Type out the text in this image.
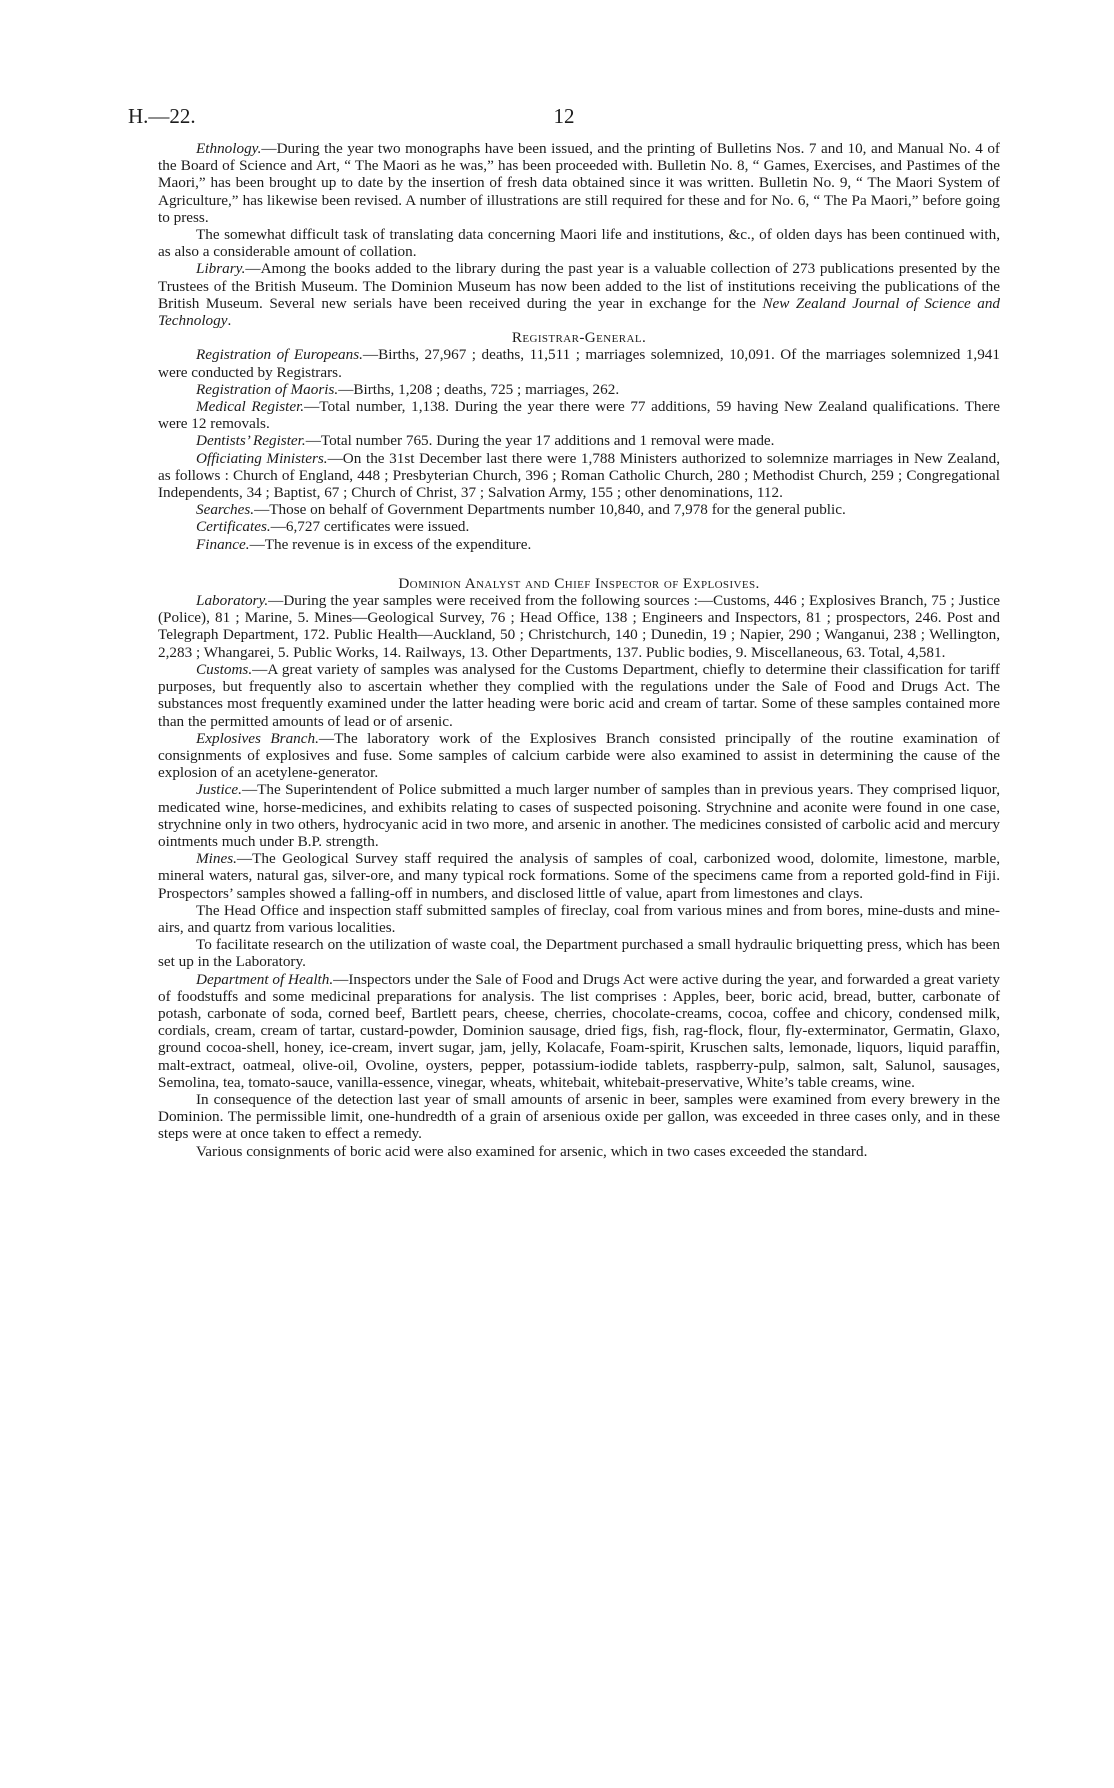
H.—22.	12

Ethnology.—During the year two monographs have been issued, and the printing of Bulletins Nos. 7 and 10, and Manual No. 4 of the Board of Science and Art, “ The Maori as he was,” has been proceeded with. Bulletin No. 8, “ Games, Exercises, and Pastimes of the Maori,” has been brought up to date by the insertion of fresh data obtained since it was written. Bulletin No. 9, “ The Maori System of Agriculture,” has likewise been revised. A number of illustrations are still required for these and for No. 6, “ The Pa Maori,” before going to press.

The somewhat difficult task of translating data concerning Maori life and institutions, &c., of olden days has been continued with, as also a considerable amount of collation.

Library.—Among the books added to the library during the past year is a valuable collection of 273 publications presented by the Trustees of the British Museum. The Dominion Museum has now been added to the list of institutions receiving the publications of the British Museum. Several new serials have been received during the year in exchange for the New Zealand Journal of Science and Technology.

Registrar-General.

Registration of Europeans.—Births, 27,967 ; deaths, 11,511 ; marriages solemnized, 10,091. Of the marriages solemnized 1,941 were conducted by Registrars.

Registration of Maoris.—Births, 1,208 ; deaths, 725 ; marriages, 262.

Medical Register.—Total number, 1,138. During the year there were 77 additions, 59 having New Zealand qualifications. There were 12 removals.

Dentists’ Register.—Total number 765. During the year 17 additions and 1 removal were made.

Officiating Ministers.—On the 31st December last there were 1,788 Ministers authorized to solemnize marriages in New Zealand, as follows : Church of England, 448 ; Presbyterian Church, 396 ; Roman Catholic Church, 280 ; Methodist Church, 259 ; Congregational Independents, 34 ; Baptist, 67 ; Church of Christ, 37 ; Salvation Army, 155 ; other denominations, 112.

Searches.—Those on behalf of Government Departments number 10,840, and 7,978 for the general public.

Certificates.—6,727 certificates were issued.

Finance.—The revenue is in excess of the expenditure.

Dominion Analyst and Chief Inspector of Explosives.

Laboratory.—During the year samples were received from the following sources :—Customs, 446 ; Explosives Branch, 75 ; Justice (Police), 81 ; Marine, 5. Mines—Geological Survey, 76 ; Head Office, 138 ; Engineers and Inspectors, 81 ; prospectors, 246. Post and Telegraph Department, 172. Public Health—Auckland, 50 ; Christchurch, 140 ; Dunedin, 19 ; Napier, 290 ; Wanganui, 238 ; Wellington, 2,283 ; Whangarei, 5. Public Works, 14. Railways, 13. Other Departments, 137. Public bodies, 9. Miscellaneous, 63. Total, 4,581.

Customs.—A great variety of samples was analysed for the Customs Department, chiefly to determine their classification for tariff purposes, but frequently also to ascertain whether they complied with the regulations under the Sale of Food and Drugs Act. The substances most frequently examined under the latter heading were boric acid and cream of tartar. Some of these samples contained more than the permitted amounts of lead or of arsenic.

Explosives Branch.—The laboratory work of the Explosives Branch consisted principally of the routine examination of consignments of explosives and fuse. Some samples of calcium carbide were also examined to assist in determining the cause of the explosion of an acetylene-generator.

Justice.—The Superintendent of Police submitted a much larger number of samples than in previous years. They comprised liquor, medicated wine, horse-medicines, and exhibits relating to cases of suspected poisoning. Strychnine and aconite were found in one case, strychnine only in two others, hydrocyanic acid in two more, and arsenic in another. The medicines consisted of carbolic acid and mercury ointments much under B.P. strength.

Mines.—The Geological Survey staff required the analysis of samples of coal, carbonized wood, dolomite, limestone, marble, mineral waters, natural gas, silver-ore, and many typical rock formations. Some of the specimens came from a reported gold-find in Fiji. Prospectors’ samples showed a falling-off in numbers, and disclosed little of value, apart from limestones and clays.

The Head Office and inspection staff submitted samples of fireclay, coal from various mines and from bores, mine-dusts and mine-airs, and quartz from various localities.

To facilitate research on the utilization of waste coal, the Department purchased a small hydraulic briquetting press, which has been set up in the Laboratory.

Department of Health.—Inspectors under the Sale of Food and Drugs Act were active during the year, and forwarded a great variety of foodstuffs and some medicinal preparations for analysis. The list comprises : Apples, beer, boric acid, bread, butter, carbonate of potash, carbonate of soda, corned beef, Bartlett pears, cheese, cherries, chocolate-creams, cocoa, coffee and chicory, condensed milk, cordials, cream, cream of tartar, custard-powder, Dominion sausage, dried figs, fish, rag-flock, flour, fly-exterminator, Germatin, Glaxo, ground cocoa-shell, honey, ice-cream, invert sugar, jam, jelly, Kolacafe, Foam-spirit, Kruschen salts, lemonade, liquors, liquid paraffin, malt-extract, oatmeal, olive-oil, Ovoline, oysters, pepper, potassium-iodide tablets, raspberry-pulp, salmon, salt, Salunol, sausages, Semolina, tea, tomato-sauce, vanilla-essence, vinegar, wheats, whitebait, whitebait-preservative, White’s table creams, wine.

In consequence of the detection last year of small amounts of arsenic in beer, samples were examined from every brewery in the Dominion. The permissible limit, one-hundredth of a grain of arsenious oxide per gallon, was exceeded in three cases only, and in these steps were at once taken to effect a remedy.

Various consignments of boric acid were also examined for arsenic, which in two cases exceeded the standard.
